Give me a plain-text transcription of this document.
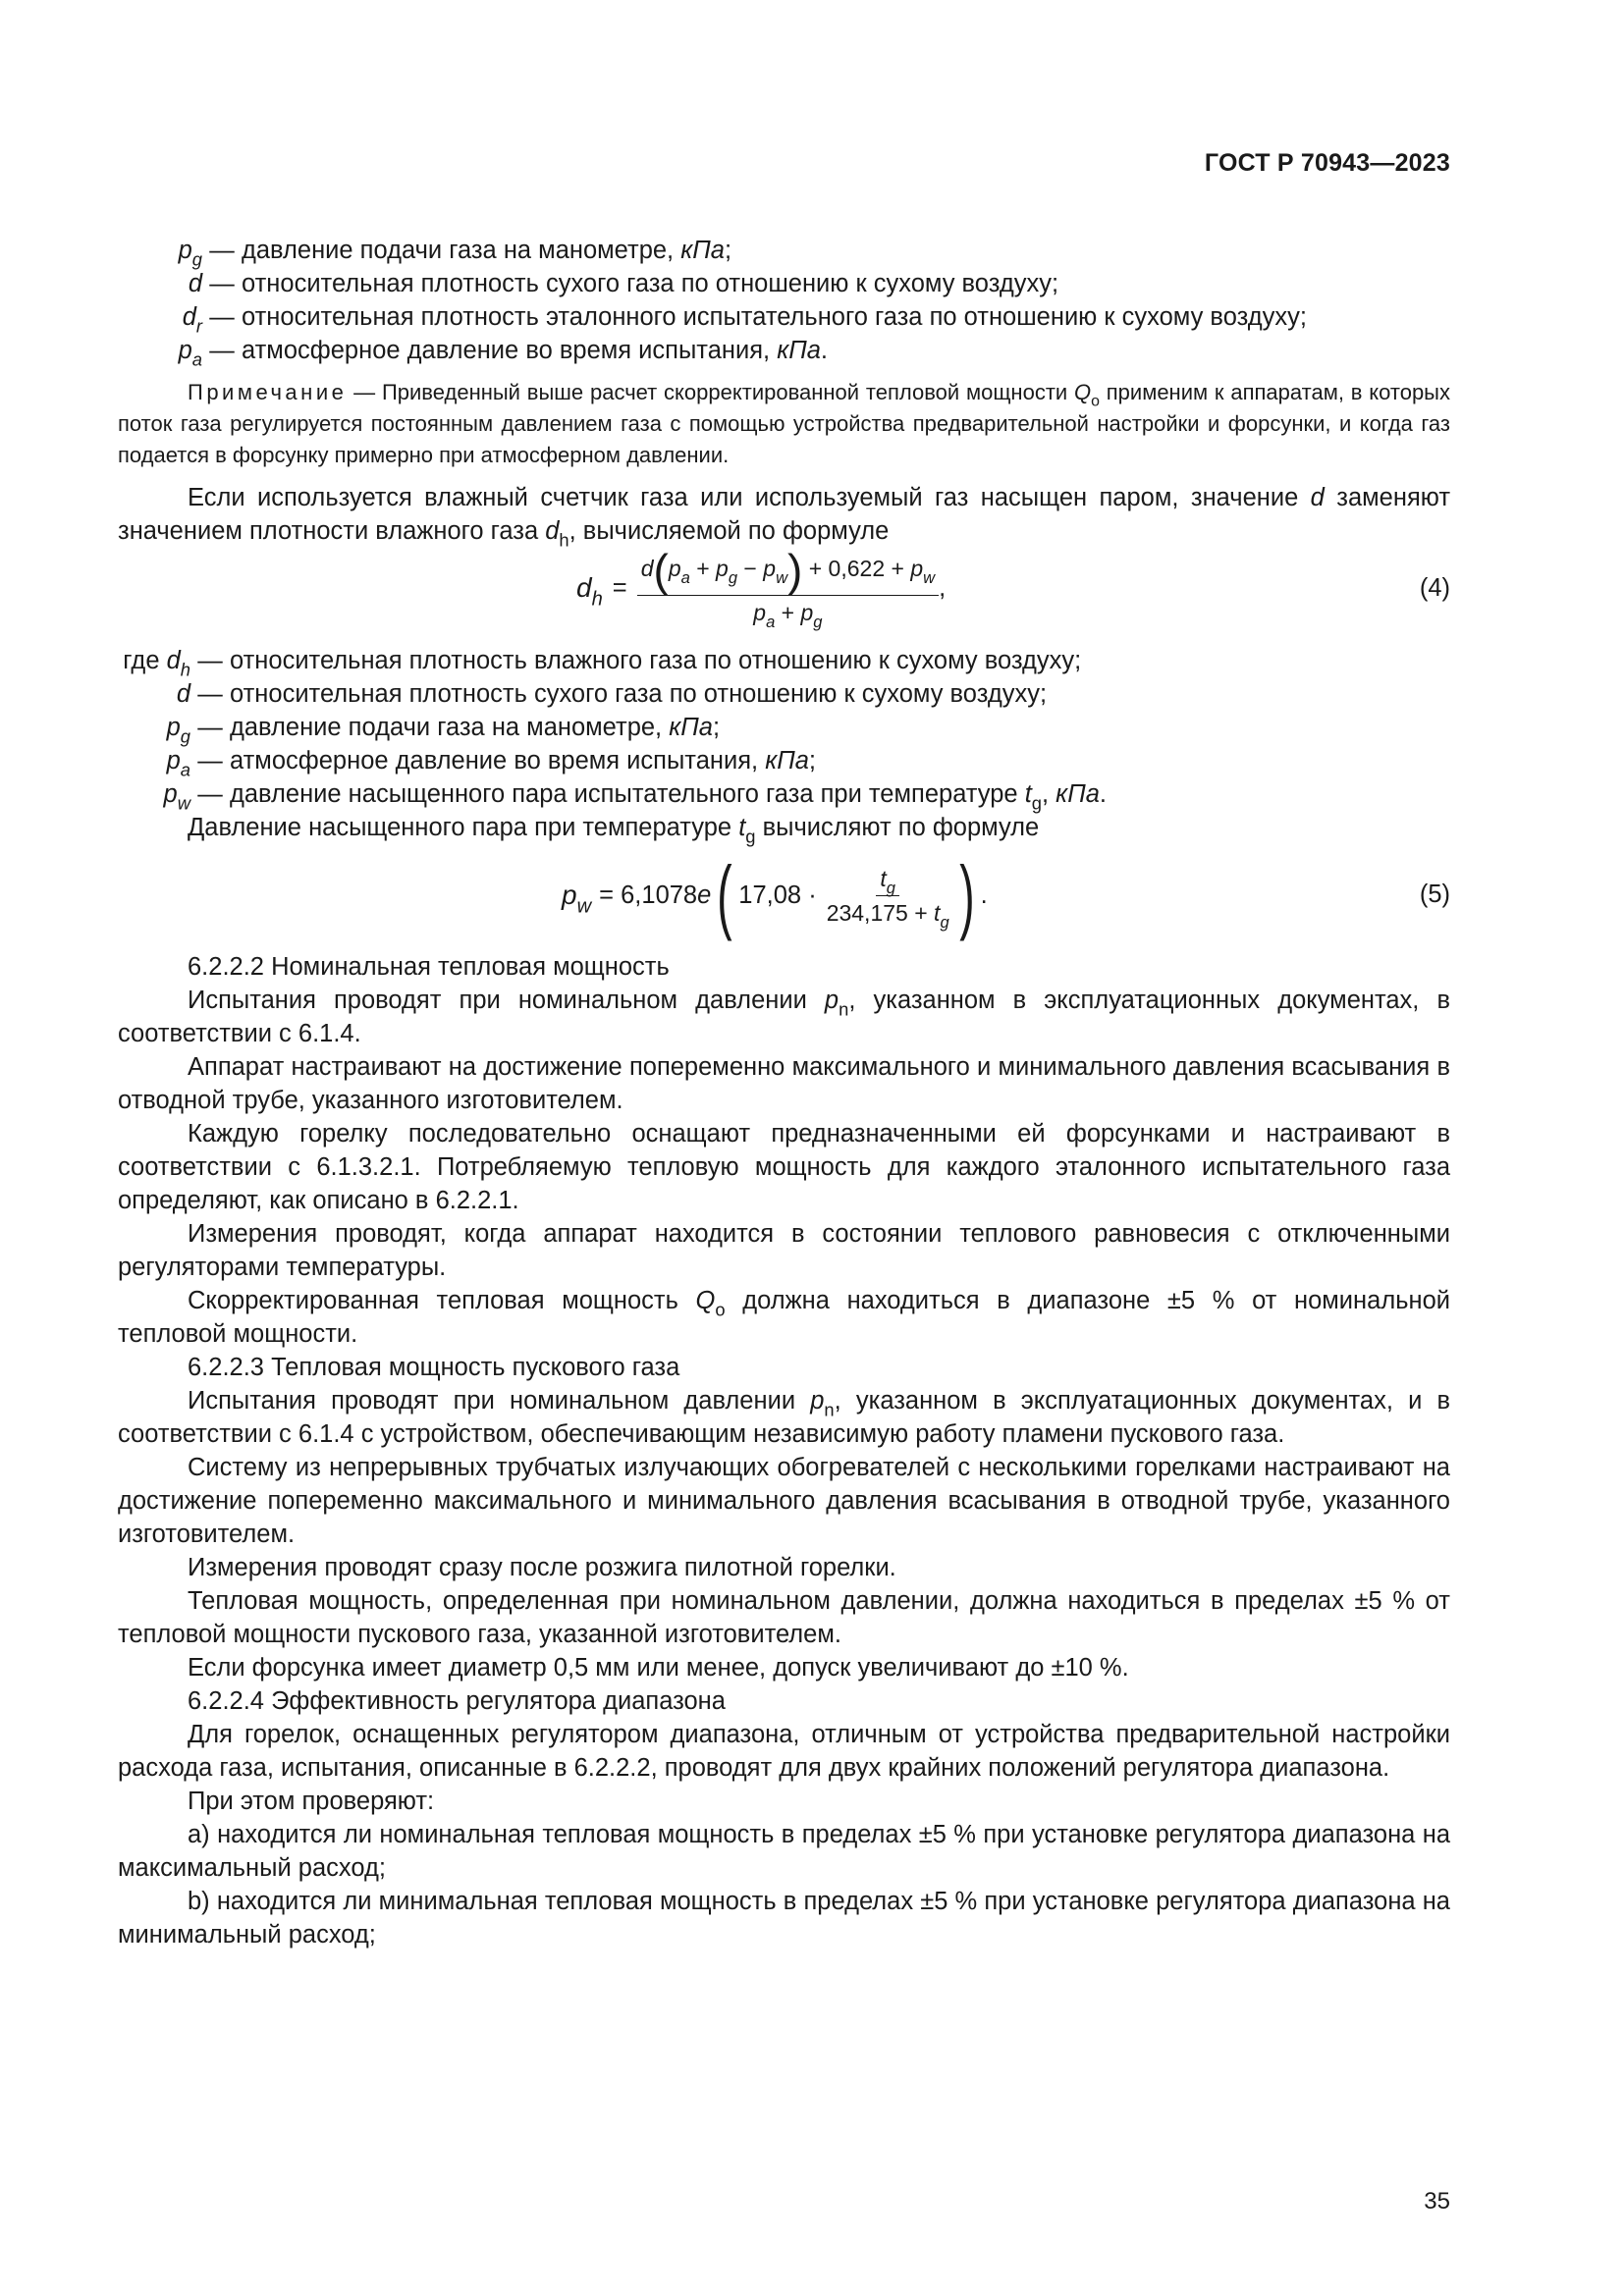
ГОСТ Р 70943—2023
$p_g$ — давление подачи газа на манометре, кПа;
d — относительная плотность сухого газа по отношению к сухому воздуху;
$d_r$ — относительная плотность эталонного испытательного газа по отношению к сухому воздуху;
$p_a$ — атмосферное давление во время испытания, кПа.

Примечание — Приведенный выше расчет скорректированной тепловой мощности $Q_o$ применим к аппаратам, в которых поток газа регулируется постоянным давлением газа с помощью устройства предварительной настройки и форсунки, и когда газ подается в форсунку примерно при атмосферном давлении.

Если используется влажный счетчик газа или используемый газ насыщен паром, значение d заменяют значением плотности влажного газа $d_h$, вычисляемой по формуле

$d_h = \frac{d(p_a + p_g - p_w) + 0,622 + p_w}{p_a + p_g}$ ,	(4)
где $d_h$ — относительная плотность влажного газа по отношению к сухому воздуху;
d — относительная плотность сухого газа по отношению к сухому воздуху;
$p_g$ — давление подачи газа на манометре, кПа;
$p_a$ — атмосферное давление во время испытания, кПа;
$p_w$ — давление насыщенного пара испытательного газа при температуре $t_g$, кПа.

Давление насыщенного пара при температуре $t_g$ вычисляют по формуле

$p_w = 6,1078$ e ( $17,08 \cdot \frac{t_g}{234,175 + t_g}$ ) .	(5)

6.2.2.2 Номинальная тепловая мощность

Испытания проводят при номинальном давлении $p_n$, указанном в эксплуатационных документах, в соответствии с 6.1.4.

Аппарат настраивают на достижение попеременно максимального и минимального давления всасывания в отводной трубе, указанного изготовителем.

Каждую горелку последовательно оснащают предназначенными ей форсунками и настраивают в соответствии с 6.1.3.2.1. Потребляемую тепловую мощность для каждого эталонного испытательного газа определяют, как описано в 6.2.2.1.

Измерения проводят, когда аппарат находится в состоянии теплового равновесия с отключенными регуляторами температуры.

Скорректированная тепловая мощность $Q_o$ должна находиться в диапазоне ±5 % от номинальной тепловой мощности.

6.2.2.3 Тепловая мощность пускового газа

Испытания проводят при номинальном давлении $p_n$, указанном в эксплуатационных документах, и в соответствии с 6.1.4 с устройством, обеспечивающим независимую работу пламени пускового газа.

Систему из непрерывных трубчатых излучающих обогревателей с несколькими горелками настраивают на достижение попеременно максимального и минимального давления всасывания в отводной трубе, указанного изготовителем.

Измерения проводят сразу после розжига пилотной горелки.

Тепловая мощность, определенная при номинальном давлении, должна находиться в пределах ±5 % от тепловой мощности пускового газа, указанной изготовителем.

Если форсунка имеет диаметр 0,5 мм или менее, допуск увеличивают до ±10 %.

6.2.2.4 Эффективность регулятора диапазона

Для горелок, оснащенных регулятором диапазона, отличным от устройства предварительной настройки расхода газа, испытания, описанные в 6.2.2.2, проводят для двух крайних положений регулятора диапазона.

При этом проверяют:

а) находится ли номинальная тепловая мощность в пределах ±5 % при установке регулятора диапазона на максимальный расход;

b) находится ли минимальная тепловая мощность в пределах ±5 % при установке регулятора диапазона на минимальный расход;

35
